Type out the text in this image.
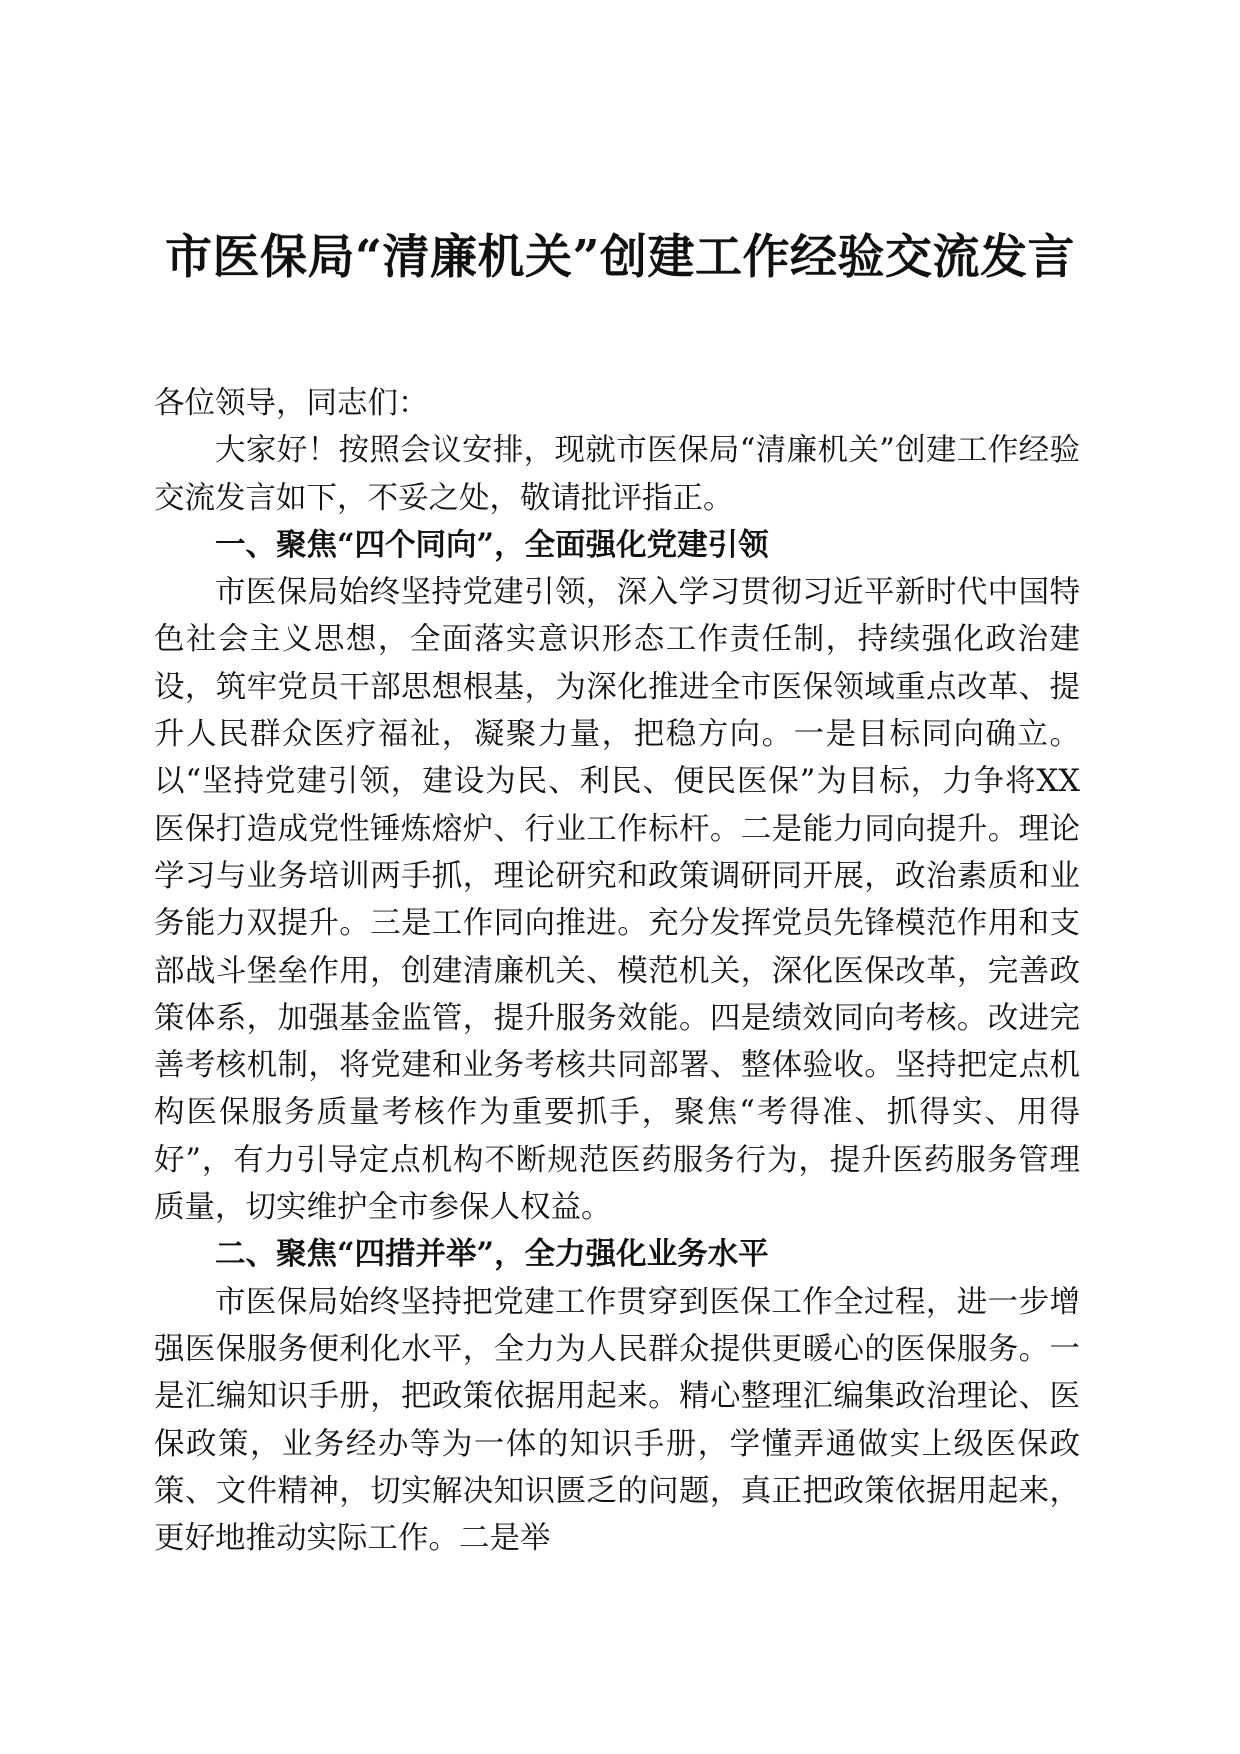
市医保局“清廉机关”创建工作经验交流发言

各位领导，同志们：

大家好！按照会议安排，现就市医保局“清廉机关”创建工作经验交流发言如下，不妥之处，敬请批评指正。

一、聚焦“四个同向”，全面强化党建引领

市医保局始终坚持党建引领，深入学习贯彻习近平新时代中国特色社会主义思想，全面落实意识形态工作责任制，持续强化政治建设，筑牢党员干部思想根基，为深化推进全市医保领域重点改革、提升人民群众医疗福祉，凝聚力量，把稳方向。一是目标同向确立。以“坚持党建引领，建设为民、利民、便民医保”为目标，力争将XX医保打造成党性锤炼熔炉、行业工作标杆。二是能力同向提升。理论学习与业务培训两手抓，理论研究和政策调研同开展，政治素质和业务能力双提升。三是工作同向推进。充分发挥党员先锋模范作用和支部战斗堡垒作用，创建清廉机关、模范机关，深化医保改革，完善政策体系，加强基金监管，提升服务效能。四是绩效同向考核。改进完善考核机制，将党建和业务考核共同部署、整体验收。坚持把定点机构医保服务质量考核作为重要抓手，聚焦“考得准、抓得实、用得好”，有力引导定点机构不断规范医药服务行为，提升医药服务管理质量，切实维护全市参保人权益。

二、聚焦“四措并举”，全力强化业务水平

市医保局始终坚持把党建工作贯穿到医保工作全过程，进一步增强医保服务便利化水平，全力为人民群众提供更暖心的医保服务。一是汇编知识手册，把政策依据用起来。精心整理汇编集政治理论、医保政策，业务经办等为一体的知识手册，学懂弄通做实上级医保政策、文件精神，切实解决知识匮乏的问题，真正把政策依据用起来，更好地推动实际工作。二是举
